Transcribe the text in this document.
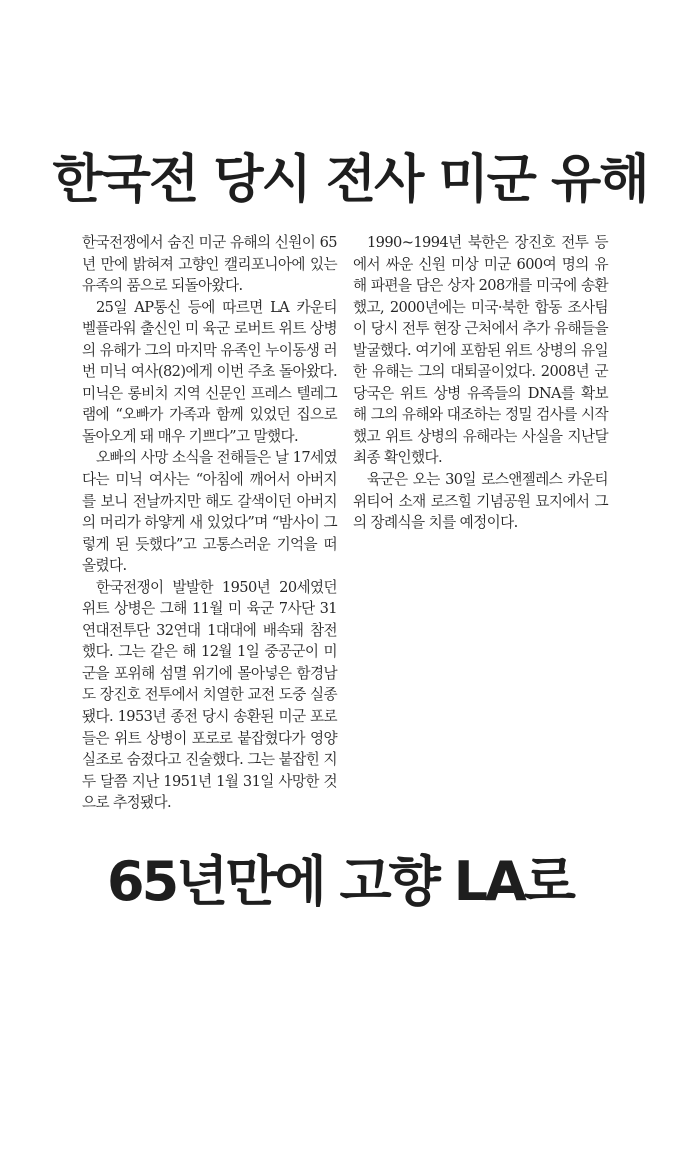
한국전 당시 전사 미군 유해

한국전쟁에서 숨진 미군 유해의 신원이 65년 만에 밝혀져 고향인 캘리포니아에 있는 유족의 품으로 되돌아왔다.

25일 AP통신 등에 따르면 LA 카운티 벨플라워 출신인 미 육군 로버트 위트 상병의 유해가 그의 마지막 유족인 누이동생 러번 미닉 여사(82)에게 이번 주초 돌아왔다. 미닉은 롱비치 지역 신문인 프레스 텔레그램에 “오빠가 가족과 함께 있었던 집으로 돌아오게 돼 매우 기쁘다”고 말했다.

오빠의 사망 소식을 전해들은 날 17세였다는 미닉 여사는 “아침에 깨어서 아버지를 보니 전날까지만 해도 갈색이던 아버지의 머리가 하얗게 새 있었다”며 “밤사이 그렇게 된 듯했다”고 고통스러운 기억을 떠올렸다.

한국전쟁이 발발한 1950년 20세였던 위트 상병은 그해 11월 미 육군 7사단 31연대전투단 32연대 1대대에 배속돼 참전했다. 그는 같은 해 12월 1일 중공군이 미군을 포위해 섬멸 위기에 몰아넣은 함경남도 장진호 전투에서 치열한 교전 도중 실종됐다. 1953년 종전 당시 송환된 미군 포로들은 위트 상병이 포로로 붙잡혔다가 영양실조로 숨졌다고 진술했다. 그는 붙잡힌 지 두 달쯤 지난 1951년 1월 31일 사망한 것으로 추정됐다.

1990~1994년 북한은 장진호 전투 등에서 싸운 신원 미상 미군 600여 명의 유해 파편을 담은 상자 208개를 미국에 송환했고, 2000년에는 미국·북한 합동 조사팀이 당시 전투 현장 근처에서 추가 유해들을 발굴했다. 여기에 포함된 위트 상병의 유일한 유해는 그의 대퇴골이었다. 2008년 군 당국은 위트 상병 유족들의 DNA를 확보해 그의 유해와 대조하는 정밀 검사를 시작했고 위트 상병의 유해라는 사실을 지난달 최종 확인했다.

육군은 오는 30일 로스앤젤레스 카운티 위티어 소재 로즈힐 기념공원 묘지에서 그의 장례식을 치를 예정이다.

65년만에 고향 LA로
